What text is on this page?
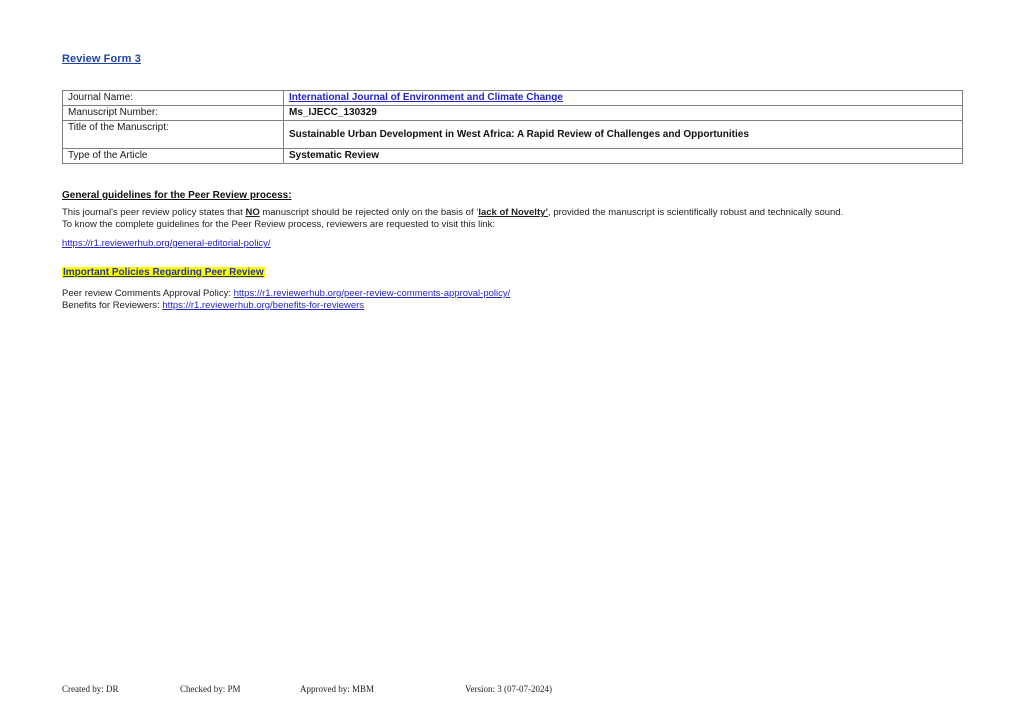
Review Form 3
Journal Name:	International Journal of Environment and Climate Change
Manuscript Number:	Ms_IJECC_130329
Title of the Manuscript:	Sustainable Urban Development in West Africa: A Rapid Review of Challenges and Opportunities
Type of the Article	Systematic Review
General guidelines for the Peer Review process:
This journal's peer review policy states that NO manuscript should be rejected only on the basis of ‘lack of Novelty’, provided the manuscript is scientifically robust and technically sound.
To know the complete guidelines for the Peer Review process, reviewers are requested to visit this link:
https://r1.reviewerhub.org/general-editorial-policy/
Important Policies Regarding Peer Review
Peer review Comments Approval Policy: https://r1.reviewerhub.org/peer-review-comments-approval-policy/
Benefits for Reviewers: https://r1.reviewerhub.org/benefits-for-reviewers
Created by: DR	Checked by: PM	Approved by: MBM	Version: 3 (07-07-2024)
